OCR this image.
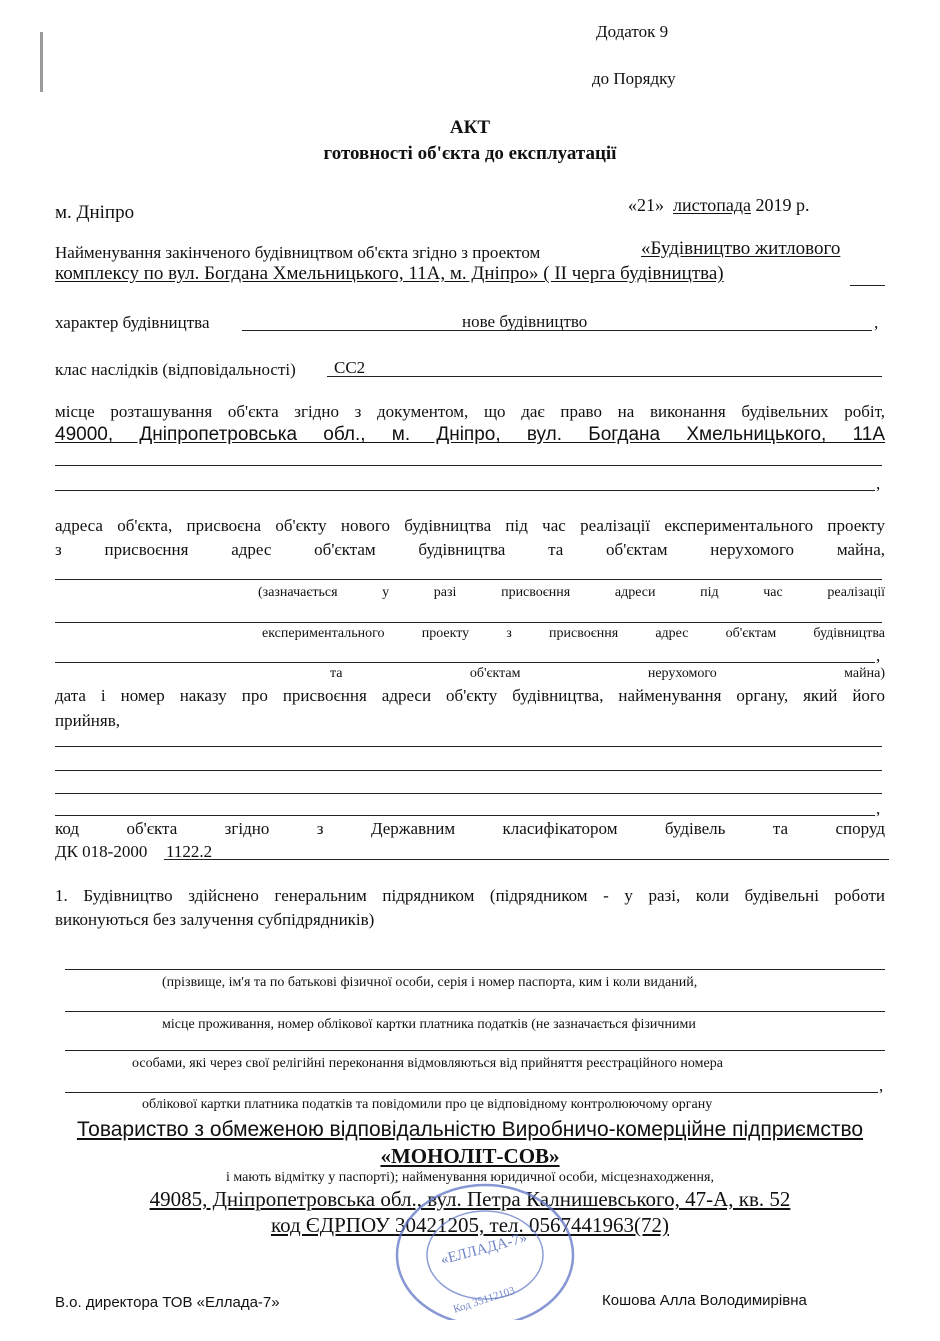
Додаток 9
до Порядку
АКТ
готовності об'єкта до експлуатації
м. Дніпро	«21» листопада 2019 р.
Найменування закінченого будівництвом об'єкта згідно з проектом	«Будівництво житлового
комплексу по вул. Богдана Хмельницького, 11А, м. Дніпро» ( ІІ черга будівництва)
характер будівництва	нове будівництво	,
клас наслідків (відповідальності) СС2
місце розташування об'єкта згідно з документом, що дає право на виконання будівельних робіт,
49000, Дніпропетровська обл., м. Дніпро, вул. Богдана Хмельницького, 11А
,
адреса об'єкта, присвоєна об'єкту нового будівництва під час реалізації експериментального проекту
з присвоєння адрес об'єктам будівництва та об'єктам нерухомого майна,
(зазначається у разі присвоєння адреси під час реалізації
експериментального проекту з присвоєння адрес об'єктам будівництва
,
та об'єктам нерухомого майна)
дата і номер наказу про присвоєння адреси об'єкту будівництва, найменування органу, який його
прийняв,
,
код об'єкта згідно з Державним класифікатором будівель та споруд
ДК 018-2000 1122.2
1. Будівництво здійснено генеральним підрядником (підрядником - у разі, коли будівельні роботи
виконуються без залучення субпідрядників)
(прізвище, ім'я та по батькові фізичної особи, серія і номер паспорта, ким і коли виданий,
місце проживання, номер облікової картки платника податків (не зазначається фізичними
особами, які через свої релігійні переконання відмовляються від прийняття реєстраційного номера
,
облікової картки платника податків та повідомили про це відповідному контролюючому органу
Товариство з обмеженою відповідальністю Виробничо-комерційне підприємство
«МОНОЛІТ-СОВ»
і мають відмітку у паспорті); найменування юридичної особи, місцезнаходження,
49085, Дніпропетровська обл., вул. Петра Калнишевського, 47-А, кв. 52
код ЄДРПОУ 30421205, тел. 0567441963(72)
«ЕЛЛАДА-7»
Код 35112103
В.о. директора ТОВ «Еллада-7»	Кошова Алла Володимирівна
